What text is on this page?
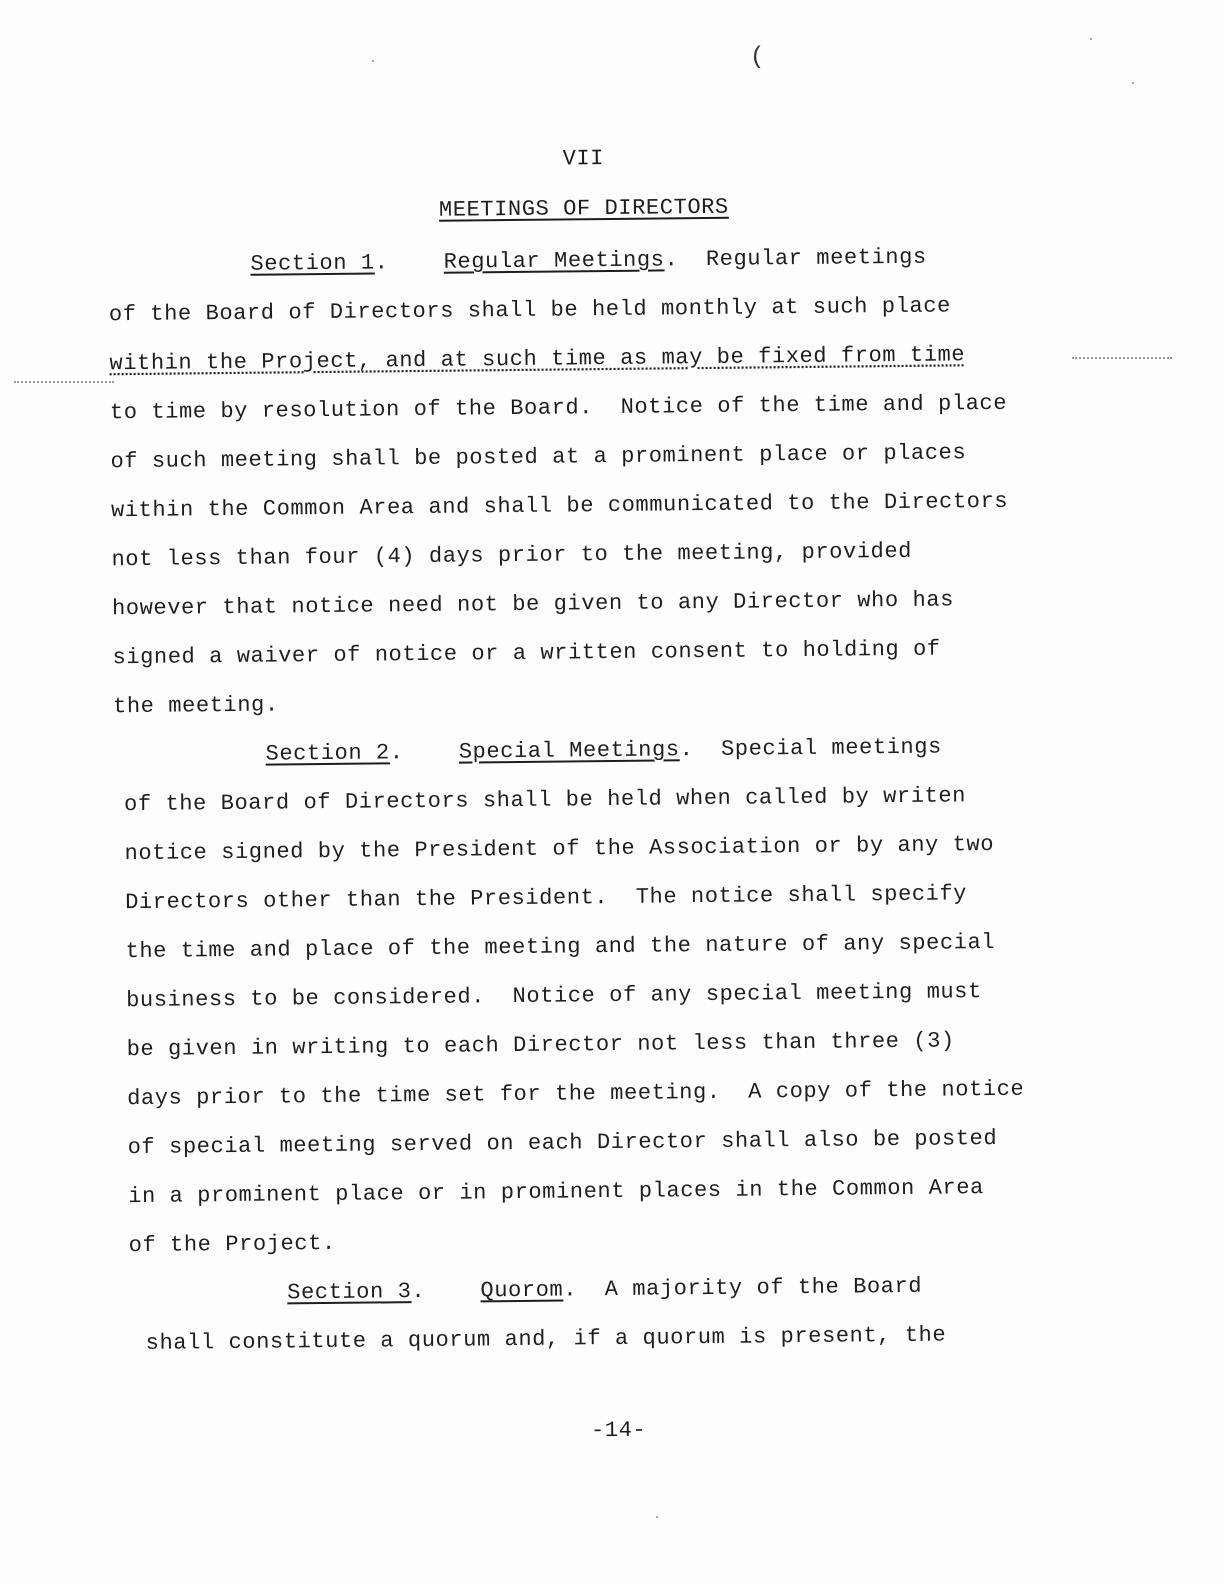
(
VII
MEETINGS OF DIRECTORS
Section 1.    Regular Meetings.  Regular meetings
of the Board of Directors shall be held monthly at such place
within the Project, and at such time as may be fixed from time
to time by resolution of the Board.  Notice of the time and place
of such meeting shall be posted at a prominent place or places
within the Common Area and shall be communicated to the Directors
not less than four (4) days prior to the meeting, provided
however that notice need not be given to any Director who has
signed a waiver of notice or a written consent to holding of
the meeting.
Section 2.    Special Meetings.  Special meetings
of the Board of Directors shall be held when called by writen
notice signed by the President of the Association or by any two
Directors other than the President.  The notice shall specify
the time and place of the meeting and the nature of any special
business to be considered.  Notice of any special meeting must
be given in writing to each Director not less than three (3)
days prior to the time set for the meeting.  A copy of the notice
of special meeting served on each Director shall also be posted
in a prominent place or in prominent places in the Common Area
of the Project.
Section 3.    Quorom.  A majority of the Board
shall constitute a quorum and, if a quorum is present, the
-14-
